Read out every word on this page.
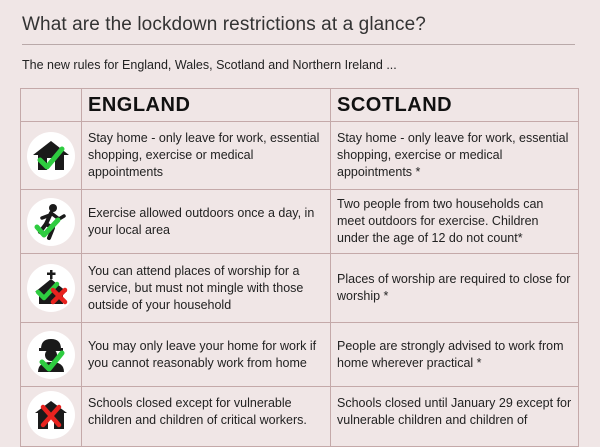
What are the lockdown restrictions at a glance?
The new rules for England, Wales, Scotland and Northern Ireland ...
ENGLAND	SCOTLAND
Stay home - only leave for work, essential shopping, exercise or medical appointments
Stay home - only leave for work, essential shopping, exercise or medical appointments *
Exercise allowed outdoors once a day, in your local area
Two people from two households can meet outdoors for exercise. Children under the age of 12 do not count*
You can attend places of worship for a service, but must not mingle with those outside of your household
Places of worship are required to close for worship *
You may only leave your home for work if you cannot reasonably work from home
People are strongly advised to work from home wherever practical *
Schools closed except for vulnerable children and children of critical workers.
Schools closed until January 29 except for vulnerable children and children of
